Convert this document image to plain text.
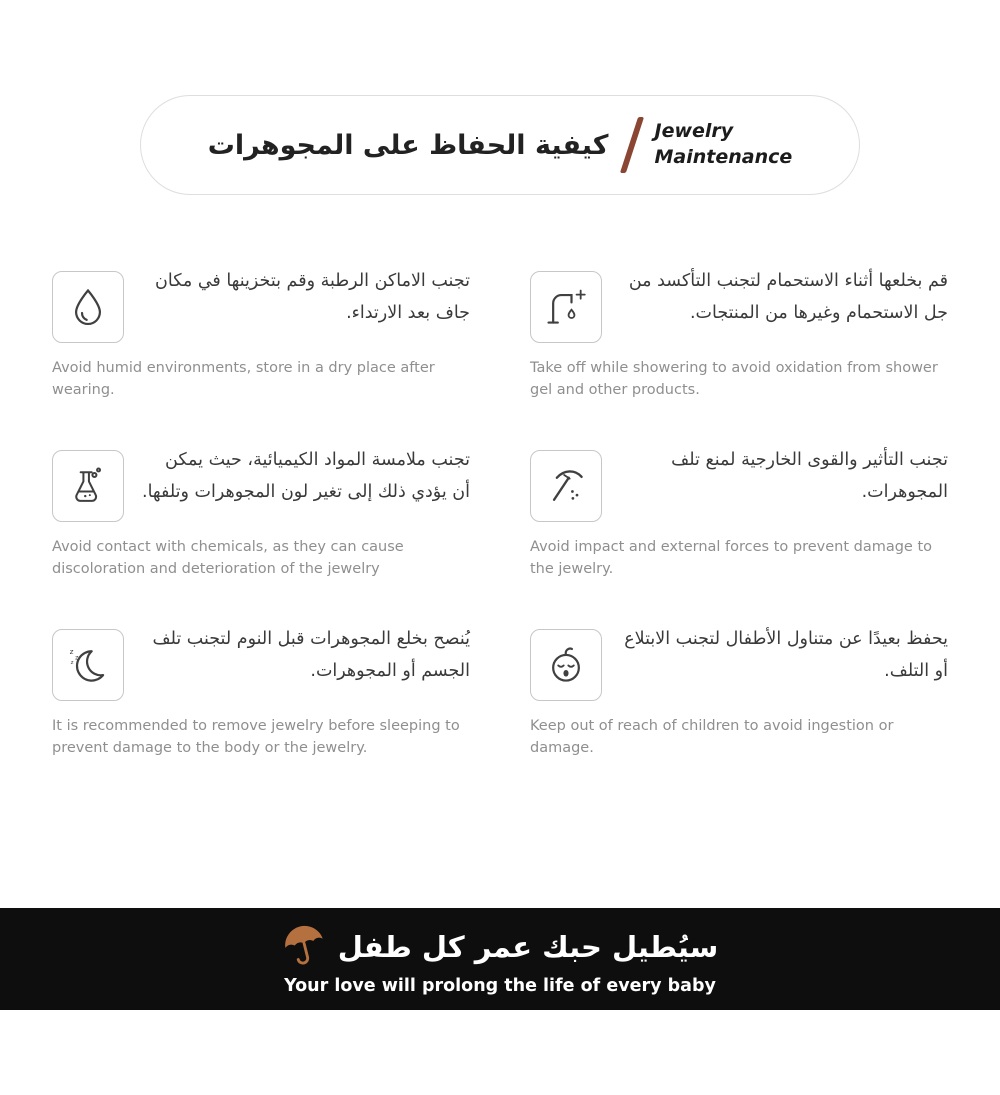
كيفية الحفاظ على المجوهرات Jewelry
Maintenance
تجنب الاماكن الرطبة وقم بتخزينها في مكان جاف بعد الارتداء.
Avoid humid environments, store in a dry place after wearing.
قم بخلعها أثناء الاستحمام لتجنب التأكسد من جل الاستحمام وغيرها من المنتجات.
Take off while showering to avoid oxidation from shower gel and other products.
تجنب ملامسة المواد الكيميائية، حيث يمكن أن يؤدي ذلك إلى تغير لون المجوهرات وتلفها.
Avoid contact with chemicals, as they can cause discoloration and deterioration of the jewelry
تجنب التأثير والقوى الخارجية لمنع تلف المجوهرات.
Avoid impact and external forces to prevent damage to the jewelry.
z
z
z
يُنصح بخلع المجوهرات قبل النوم لتجنب تلف الجسم أو المجوهرات.
It is recommended to remove jewelry before sleeping to prevent damage to the body or the jewelry.
يحفظ بعيدًا عن متناول الأطفال لتجنب الابتلاع أو التلف.
Keep out of reach of children to avoid ingestion or damage.
سيُطيل حبك عمر كل طفل
Your love will prolong the life of every baby
